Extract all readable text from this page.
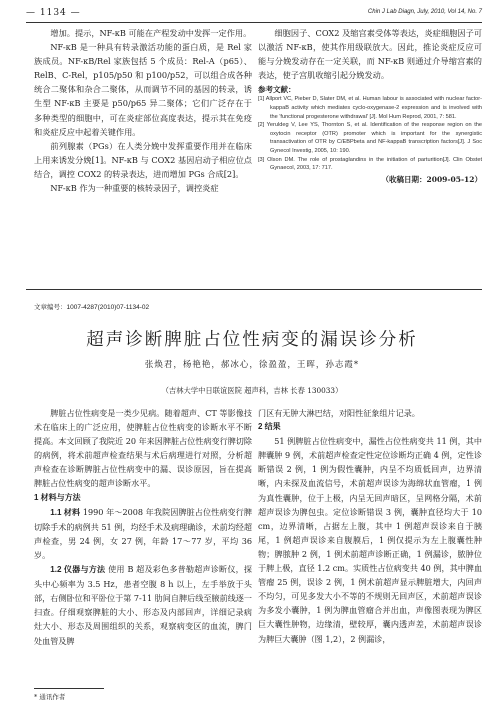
— 1134 —	Chin J Lab Diagn, July, 2010, Vol 14, No. 7

增加。提示，NF-κB 可能在产程发动中发挥一定作用。

NF-κB 是一种具有转录激活功能的蛋白质，是 Rel 家族成员。NF-κB/Rel 家族包括 5 个成员：Rel-A（p65）、RelB、C-Rel，p105/p50 和 p100/p52，可以组合成各种统合二聚体和杂合二聚体，从而调节不同的基因的转录，诱生型 NF-κB 主要是 p50/p65 异二聚体；它们广泛存在于多种类型的细胞中，可在炎症部位高度表达，提示其在免疫和炎症反应中起着关键作用。

前列腺素（PGs）在人类分娩中发挥重要作用并在临床上用来诱发分娩[1]。NF-κB 与 COX2 基因启动子相应位点结合，调控 COX2 的转录表达，进而增加 PGs 合成[2]。

NF-κB 作为一种重要的核转录因子，调控炎症

细胞因子、COX2 及缩宫素受体等表达，炎症细胞因子可以激活 NF-κB，使其作用级联放大。因此，推论炎症反应可能与分娩发动存在一定关联，而 NF-κB 则通过介导缩宫素的表达，使子宫肌收缩引起分娩发动。

参考文献：
[1] Allport VC, Pieber D, Slater DM, et al. Human labour is associated with nuclear factor-kappaB activity which mediates cyclo-oxygenase-2 expression and is involved with the 'functional progesterone withdrawal' [J]. Mol Hum Reprod, 2001, 7: 581.
[2] Yeruldeg V, Lee YS, Thornton S, et al. Identification of the response region on the oxytocin receptor (OTR) promoter which is important for the synergistic transactivation of OTR by C/EBPbeta and NF-kappaB transcription factors[J]. J Soc Gynecol Investig, 2005, 10: 190.
[3] Olson DM. The role of prostaglandins in the initiation of parturition[J]. Clin Obstet Gynaecol, 2003, 17: 717.
（收稿日期：2009-05-12）
文章编号：1007-4287(2010)07-1134-02
超声诊断脾脏占位性病变的漏误诊分析
张焕君，杨艳艳，郝冰心，徐盈盈，王晖，孙志霞*
（吉林大学中日联谊医院 超声科，吉林 长春 130033）

脾脏占位性病变是一类少见病。随着超声、CT 等影像技术在临床上的广泛应用，使脾脏占位性病变的诊断水平不断提高。本文回顾了我院近 20 年来因脾脏占位性病变行脾切除的病例，将术前超声检查结果与术后病理进行对照，分析超声检查在诊断脾脏占位性病变中的漏、误诊原因，旨在提高脾脏占位性病变的超声诊断水平。

1 材料与方法

1.1 材料 1990 年～2008 年我院因脾脏占位性病变行脾切除手术的病例共 51 例，均经手术及病理确诊，术前均经超声检查，男 24 例，女 27 例，年龄 17～77 岁，平均 36 岁。

1.2 仪器与方法 使用 B 超及彩色多普勒超声诊断仪，探头中心频率为 3.5 Hz，患者空腹 8 h 以上，左手举放于头部，右侧卧位和平卧位于第 7-11 肋间自脾后线至腋前线逐一扫查。仔细观察脾脏的大小、形态及内部回声，详细记录病灶大小、形态及周围组织的关系，观察病变区的血流，脾门处血管及脾

门区有无肿大淋巴结，对阳性征象组片记录。

2 结果

51 例脾脏占位性病变中，漏性占位性病变共 11 例，其中脾囊肿 9 例，术前超声检查定性定位诊断均正确 4 例，定性诊断错误 2 例，1 例为假性囊肿，内呈不均质低回声，边界清晰，内未探及血流信号，术前超声误诊为海绵状血管瘤，1 例为真性囊肿，位于上极，内呈无回声暗区，呈网格分隔，术前超声误诊为脾包虫。定位诊断错误 3 例，囊肿直径均大于 10 cm，边界清晰，占据左上腹，其中 1 例超声误诊来自于胰尾，1 例超声误诊来自腹膜后，1 例仅提示为左上腹囊性肿物；脾脓肿 2 例，1 例术前超声诊断正确，1 例漏诊，脓肿位于脾上极，直径 1.2 cm。实质性占位病变共 40 例，其中脾血管瘤 25 例，误诊 2 例，1 例术前超声显示脾脏增大，内回声不均匀，可见多发大小不等的不规则无回声区，术前超声误诊为多发小囊肿，1 例为脾血管瘤合并出血，声像图表现为脾区巨大囊性肿物，边缘清，壁较厚，囊内透声差，术前超声误诊为脾巨大囊肿（图 1,2），2 例漏诊，

* 通讯作者
